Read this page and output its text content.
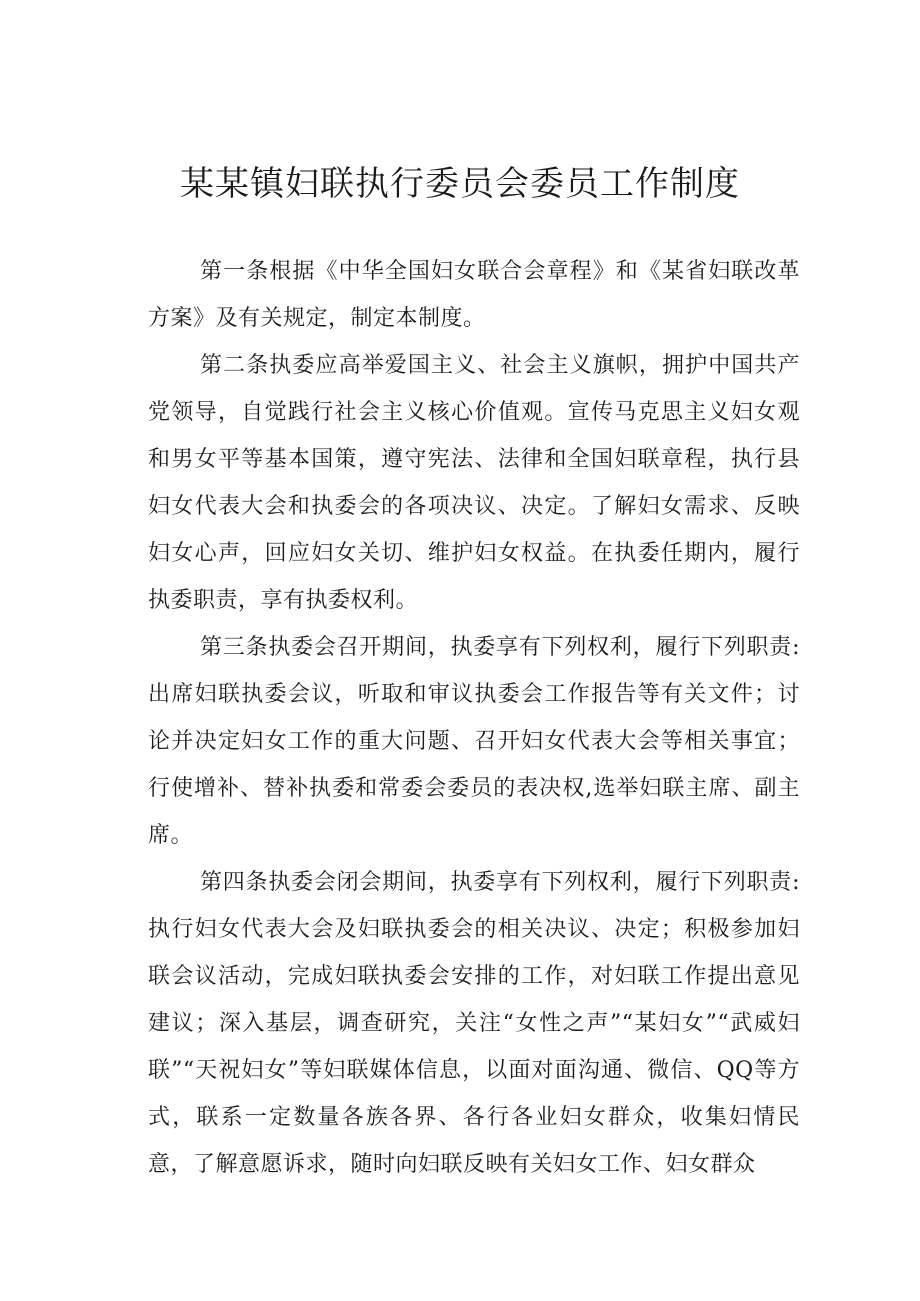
某某镇妇联执行委员会委员工作制度

第一条根据《中华全国妇女联合会章程》和《某省妇联改革方案》及有关规定，制定本制度。

第二条执委应高举爱国主义、社会主义旗帜，拥护中国共产党领导，自觉践行社会主义核心价值观。宣传马克思主义妇女观和男女平等基本国策，遵守宪法、法律和全国妇联章程，执行县妇女代表大会和执委会的各项决议、决定。了解妇女需求、反映妇女心声，回应妇女关切、维护妇女权益。在执委任期内，履行执委职责，享有执委权利。

第三条执委会召开期间，执委享有下列权利，履行下列职责:出席妇联执委会议，听取和审议执委会工作报告等有关文件；讨论并决定妇女工作的重大问题、召开妇女代表大会等相关事宜；行使增补、替补执委和常委会委员的表决权,选举妇联主席、副主席。

第四条执委会闭会期间，执委享有下列权利，履行下列职责:执行妇女代表大会及妇联执委会的相关决议、决定；积极参加妇联会议活动，完成妇联执委会安排的工作，对妇联工作提出意见建议；深入基层，调查研究，关注“女性之声”“某妇女”“武威妇联”“天祝妇女”等妇联媒体信息，以面对面沟通、微信、QQ等方式，联系一定数量各族各界、各行各业妇女群众，收集妇情民意，了解意愿诉求，随时向妇联反映有关妇女工作、妇女群众
